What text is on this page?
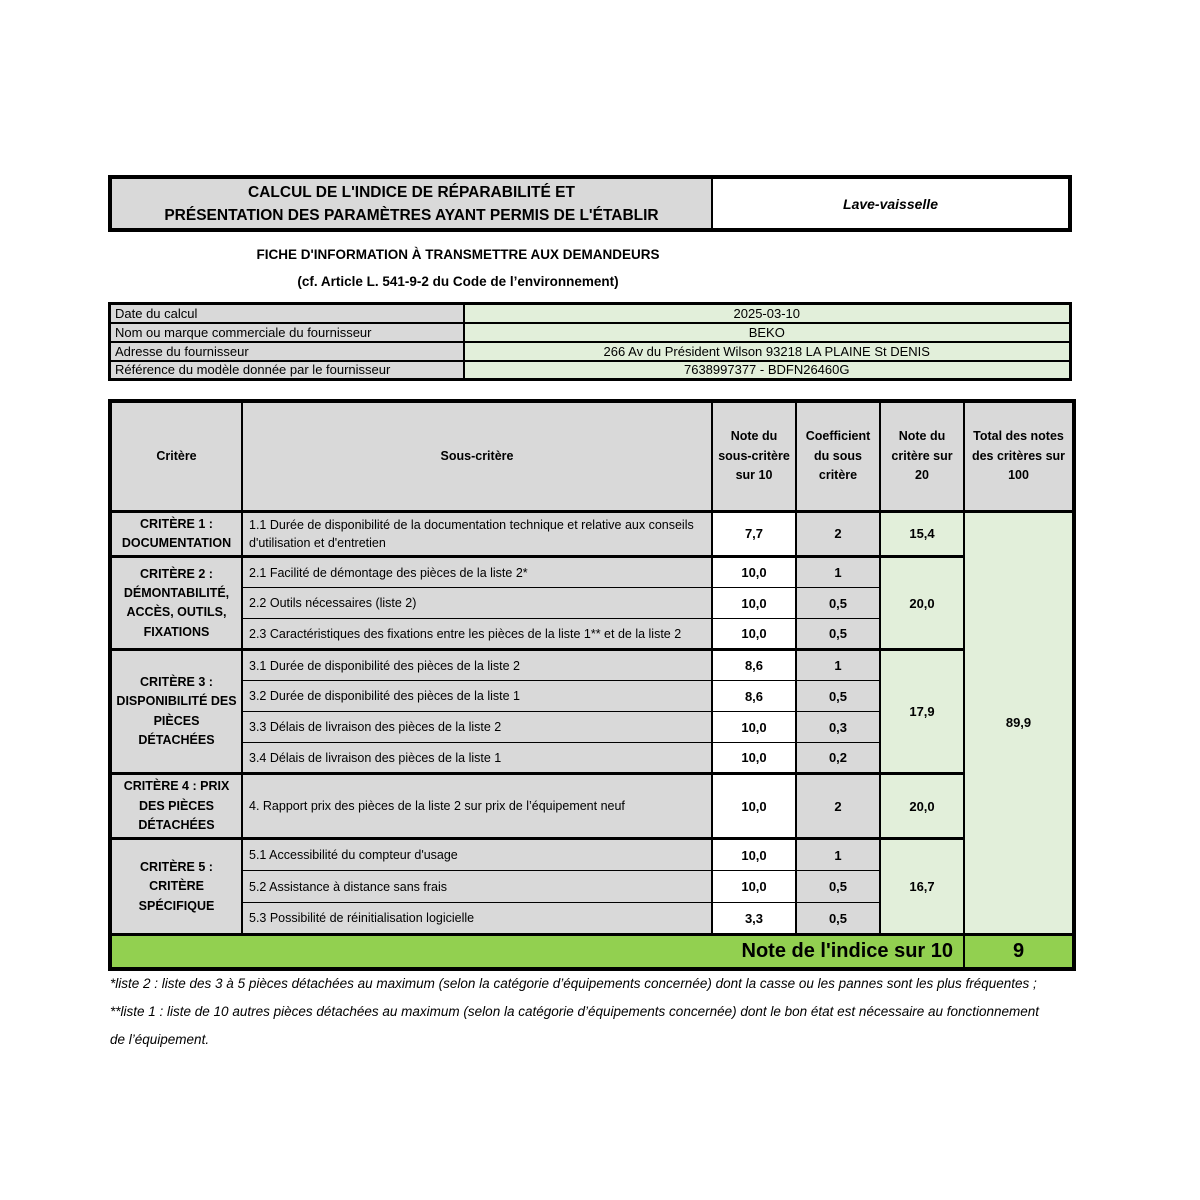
CALCUL DE L'INDICE DE RÉPARABILITÉ ET
PRÉSENTATION DES PARAMÈTRES AYANT PERMIS DE L'ÉTABLIR
Lave-vaisselle
FICHE D'INFORMATION À TRANSMETTRE AUX DEMANDEURS
(cf. Article L. 541-9-2 du Code de l’environnement)
Date du calcul	2025-03-10
Nom ou marque commerciale du fournisseur	BEKO
Adresse du fournisseur	266 Av du Président Wilson 93218 LA PLAINE St DENIS
Référence du modèle donnée par le fournisseur	7638997377 - BDFN26460G
Critère	Sous-critère	Note du sous-critère sur 10	Coefficient du sous critère	Note du critère sur 20	Total des notes des critères sur 100
CRITÈRE 1 : DOCUMENTATION	1.1 Durée de disponibilité de la documentation technique et relative aux conseils d'utilisation et d'entretien	7,7	2	15,4	89,9
CRITÈRE 2 : DÉMONTABILITÉ, ACCÈS, OUTILS, FIXATIONS	2.1 Facilité de démontage des pièces de la liste 2*	10,0	1	20,0	
	2.2 Outils nécessaires (liste 2)	10,0	0,5		
	2.3 Caractéristiques des fixations entre les pièces de la liste 1** et de la liste 2	10,0	0,5		
CRITÈRE 3 : DISPONIBILITÉ DES PIÈCES DÉTACHÉES	3.1 Durée de disponibilité des pièces de la liste 2	8,6	1	17,9	
	3.2 Durée de disponibilité des pièces de la liste 1	8,6	0,5		
	3.3 Délais de livraison des pièces de la liste 2	10,0	0,3		
	3.4 Délais de livraison des pièces de la liste 1	10,0	0,2		
CRITÈRE 4 : PRIX DES PIÈCES DÉTACHÉES	4. Rapport prix des pièces de la liste 2 sur prix de l’équipement neuf	10,0	2	20,0	
CRITÈRE 5 : CRITÈRE SPÉCIFIQUE	5.1 Accessibilité du compteur d'usage	10,0	1	16,7	
	5.2 Assistance à distance sans frais	10,0	0,5		
	5.3 Possibilité de réinitialisation logicielle	3,3	0,5		
Note de l'indice sur 10					9
*liste 2 : liste des 3 à 5 pièces détachées au maximum (selon la catégorie d’équipements concernée) dont la casse ou les pannes sont les plus fréquentes ;
**liste 1 : liste de 10 autres pièces détachées au maximum (selon la catégorie d’équipements concernée) dont le bon état est nécessaire au fonctionnement de l’équipement.
